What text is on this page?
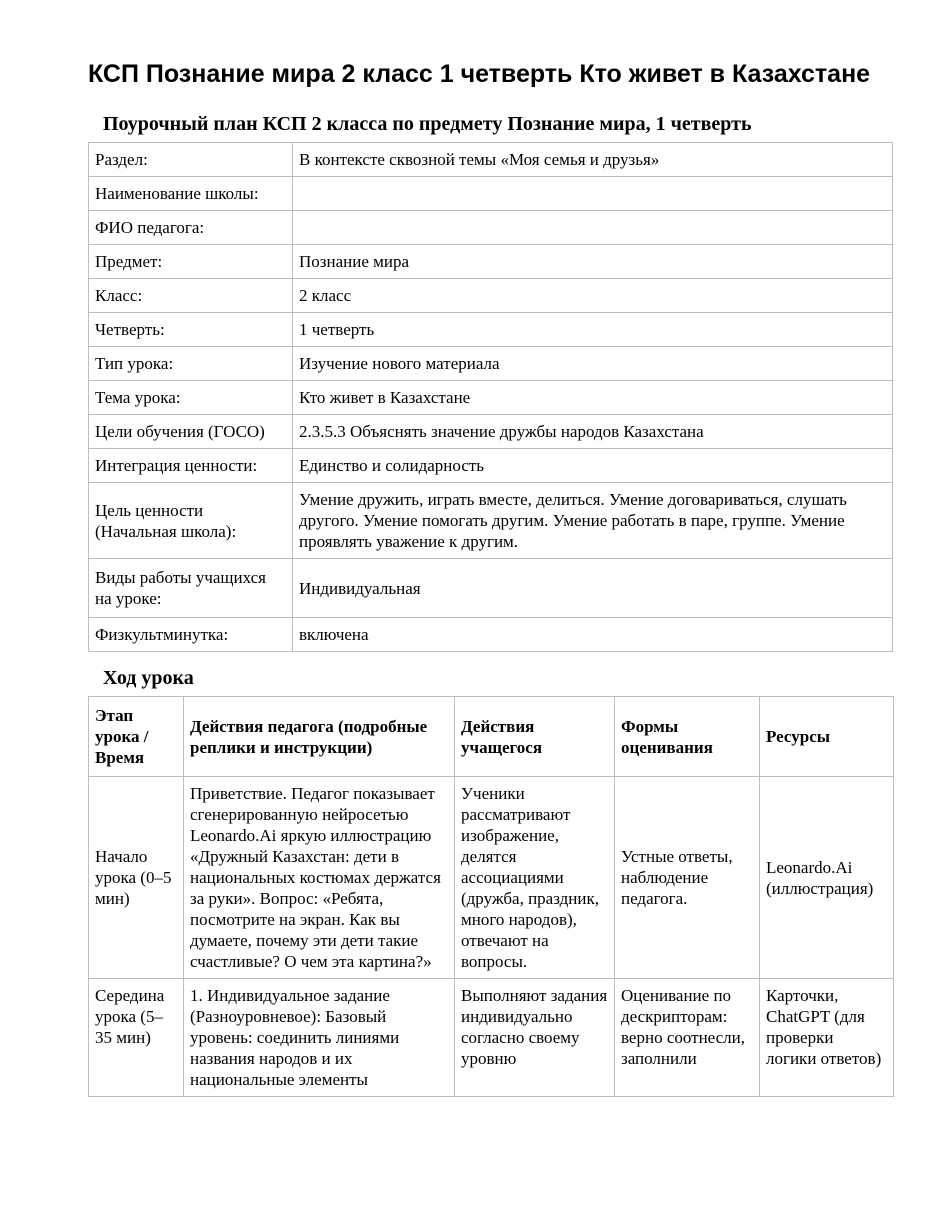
КСП Познание мира 2 класс 1 четверть Кто живет в Казахстане
Поурочный план КСП 2 класса по предмету Познание мира, 1 четверть
Раздел:	В контексте сквозной темы «Моя семья и друзья»
Наименование школы:	
ФИО педагога:	
Предмет:	Познание мира
Класс:	2 класс
Четверть:	1 четверть
Тип урока:	Изучение нового материала
Тема урока:	Кто живет в Казахстане
Цели обучения (ГОСО)	2.3.5.3 Объяснять значение дружбы народов Казахстана
Интеграция ценности:	Единство и солидарность
Цель ценности (Начальная школа):	Умение дружить, играть вместе, делиться. Умение договариваться, слушать другого. Умение помогать другим. Умение работать в паре, группе. Умение проявлять уважение к другим.
Виды работы учащихся на уроке:	Индивидуальная
Физкультминутка:	включена
Ход урока
Этап урока / Время	Действия педагога (подробные реплики и инструкции)	Действия учащегося	Формы оценивания	Ресурсы
Начало урока (0–5 мин)	Приветствие. Педагог показывает сгенерированную нейросетью Leonardo.Ai яркую иллюстрацию «Дружный Казахстан: дети в национальных костюмах держатся за руки». Вопрос: «Ребята, посмотрите на экран. Как вы думаете, почему эти дети такие счастливые? О чем эта картина?»	Ученики рассматривают изображение, делятся ассоциациями (дружба, праздник, много народов), отвечают на вопросы.	Устные ответы, наблюдение педагога.	Leonardo.Ai (иллюстрация)
Середина урока (5–35 мин)	1. Индивидуальное задание (Разноуровневое): Базовый уровень: соединить линиями названия народов и их национальные элементы	Выполняют задания индивидуально согласно своему уровню	Оценивание по дескрипторам: верно соотнесли, заполнили	Карточки, ChatGPT (для проверки логики ответов)
